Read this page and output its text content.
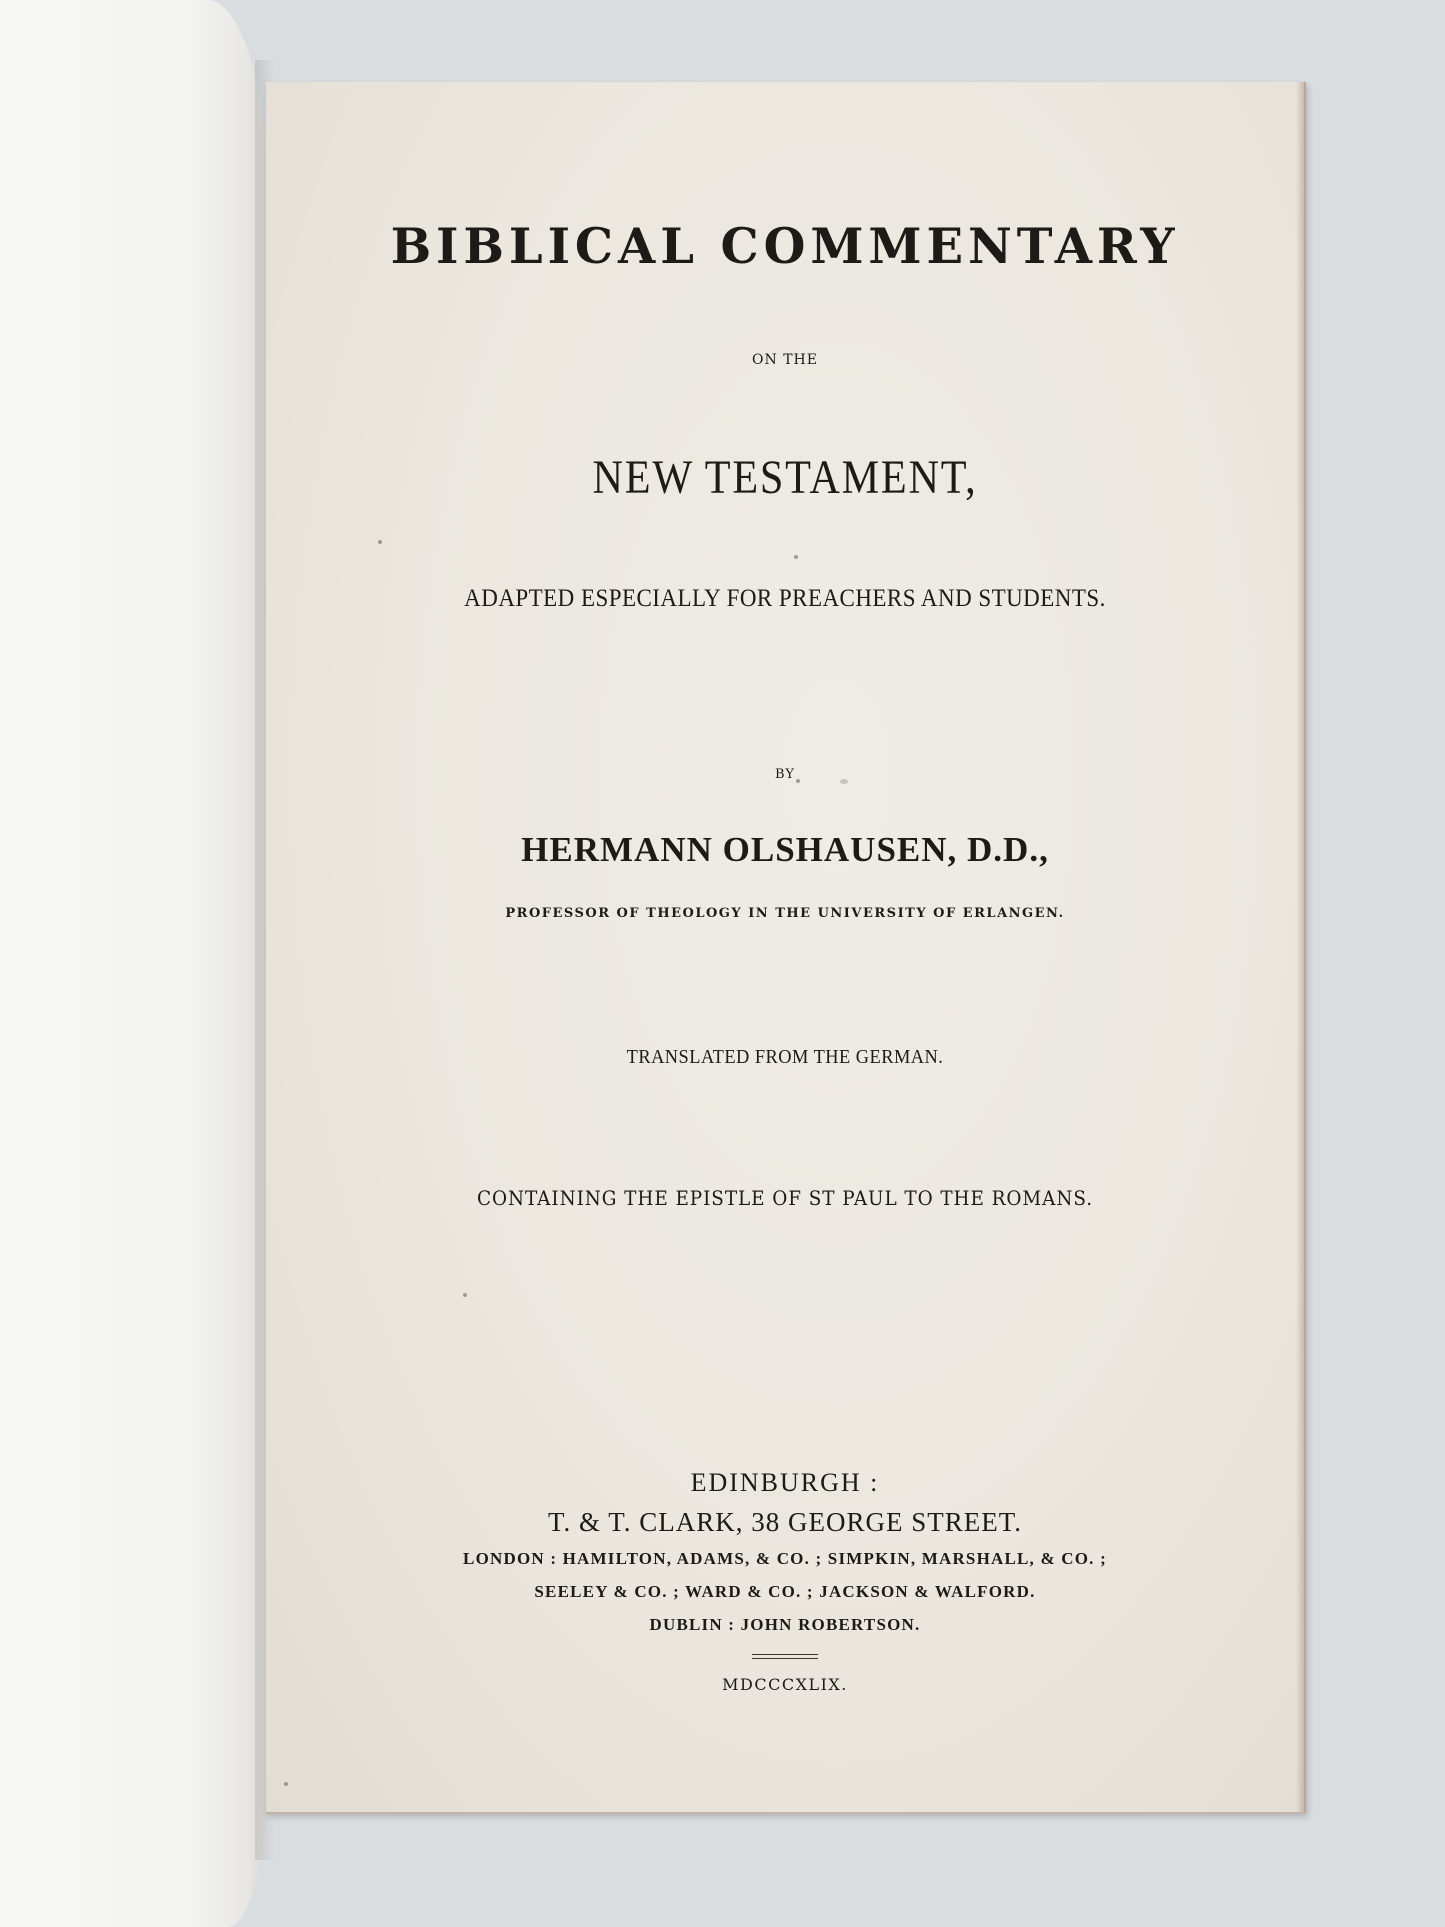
BIBLICAL COMMENTARY
ON THE
NEW TESTAMENT,
ADAPTED ESPECIALLY FOR PREACHERS AND STUDENTS.
BY
HERMANN OLSHAUSEN, D.D.,
PROFESSOR OF THEOLOGY IN THE UNIVERSITY OF ERLANGEN.
TRANSLATED FROM THE GERMAN.
CONTAINING THE EPISTLE OF ST PAUL TO THE ROMANS.
EDINBURGH :
T. & T. CLARK, 38 GEORGE STREET.
LONDON : HAMILTON, ADAMS, & CO. ; SIMPKIN, MARSHALL, & CO. ;
SEELEY & CO. ; WARD & CO. ; JACKSON & WALFORD.
DUBLIN : JOHN ROBERTSON.
MDCCCXLIX.
